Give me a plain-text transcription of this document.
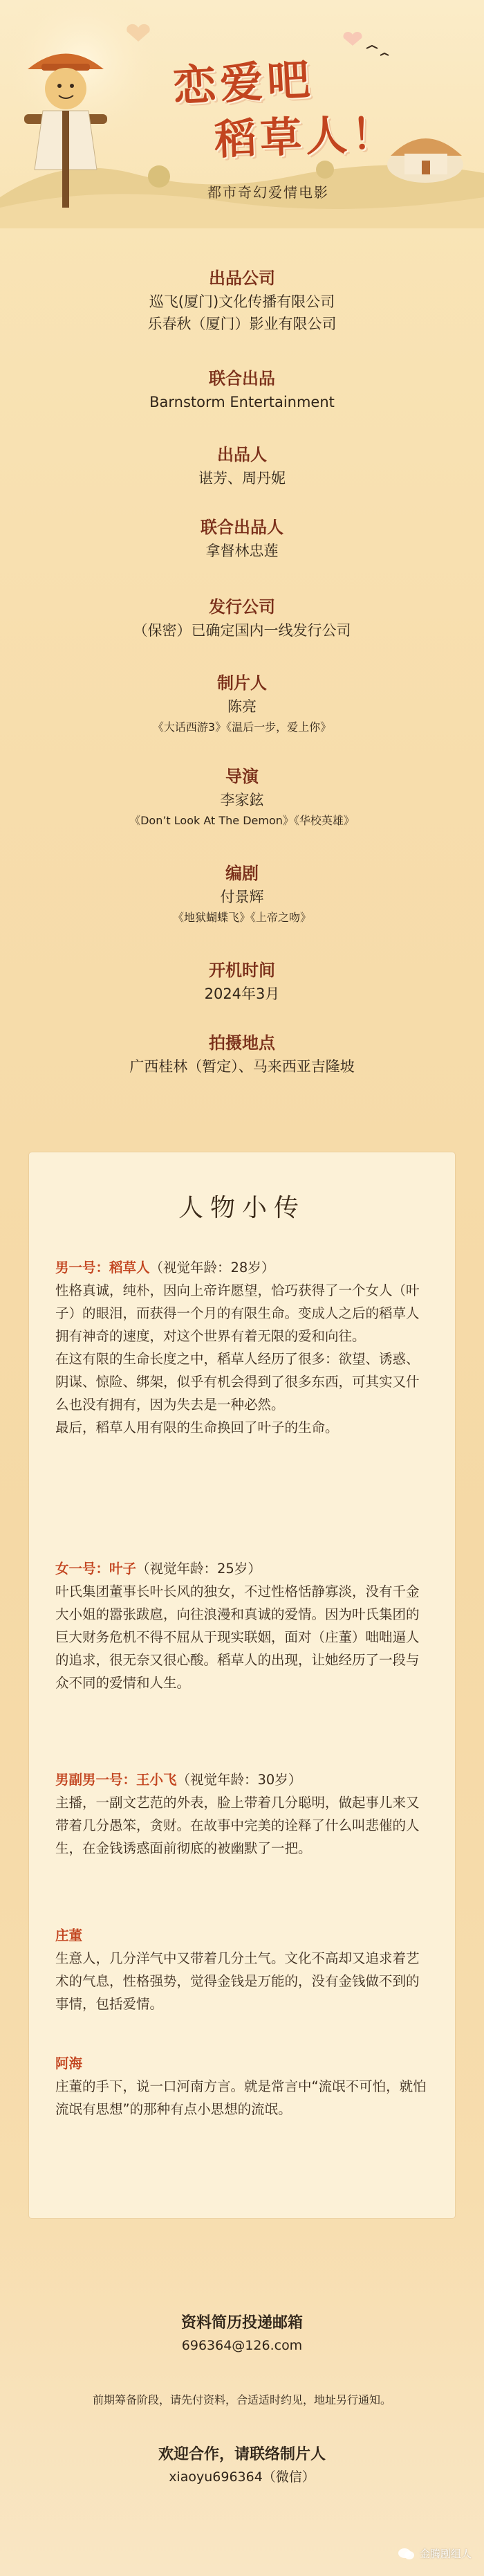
恋爱吧
稻草人！
都市奇幻爱情电影

出品公司

巡飞(厦门)文化传播有限公司

乐春秋（厦门）影业有限公司

联合出品

Barnstorm Entertainment

出品人

谌芳、周丹妮

联合出品人

拿督林忠莲

发行公司

（保密）已确定国内一线发行公司

制片人

陈亮

《大话西游3》《温后一步，爱上你》

导演

李家鉉

《Don’t Look At The Demon》《华校英雄》

编剧

付景辉

《地狱蝴蝶飞》《上帝之吻》

开机时间

2024年3月

拍摄地点

广西桂林（暂定）、马来西亚吉隆坡

人物小传

男一号：稻草人（视觉年龄：28岁）

性格真诚，纯朴，因向上帝许愿望，恰巧获得了一个女人（叶子）的眼泪，而获得一个月的有限生命。变成人之后的稻草人拥有神奇的速度，对这个世界有着无限的爱和向往。

在这有限的生命长度之中，稻草人经历了很多：欲望、诱惑、阴谋、惊险、绑架，似乎有机会得到了很多东西，可其实又什么也没有拥有，因为失去是一种必然。

最后，稻草人用有限的生命换回了叶子的生命。

女一号：叶子（视觉年龄：25岁）

叶氏集团董事长叶长风的独女，不过性格恬静寡淡，没有千金大小姐的嚣张跋扈，向往浪漫和真诚的爱情。因为叶氏集团的巨大财务危机不得不屈从于现实联姻，面对（庄董）咄咄逼人的追求，很无奈又很心酸。稻草人的出现，让她经历了一段与众不同的爱情和人生。

男副男一号：王小飞（视觉年龄：30岁）

主播，一副文艺范的外表，脸上带着几分聪明，做起事儿来又带着几分愚笨，贪财。在故事中完美的诠释了什么叫悲催的人生，在金钱诱惑面前彻底的被幽默了一把。

庄董

生意人，几分洋气中又带着几分土气。文化不高却又追求着艺术的气息，性格强势，觉得金钱是万能的，没有金钱做不到的事情，包括爱情。

阿海

庄董的手下，说一口河南方言。就是常言中“流氓不可怕，就怕流氓有思想”的那种有点小思想的流氓。

资料简历投递邮箱

69636​4@126.com

前期筹备阶段，请先付资料，合适适时约见，地址另行通知。

欢迎合作，请联络制片人

xiaoyu696364（微信）

金腾剧组人
